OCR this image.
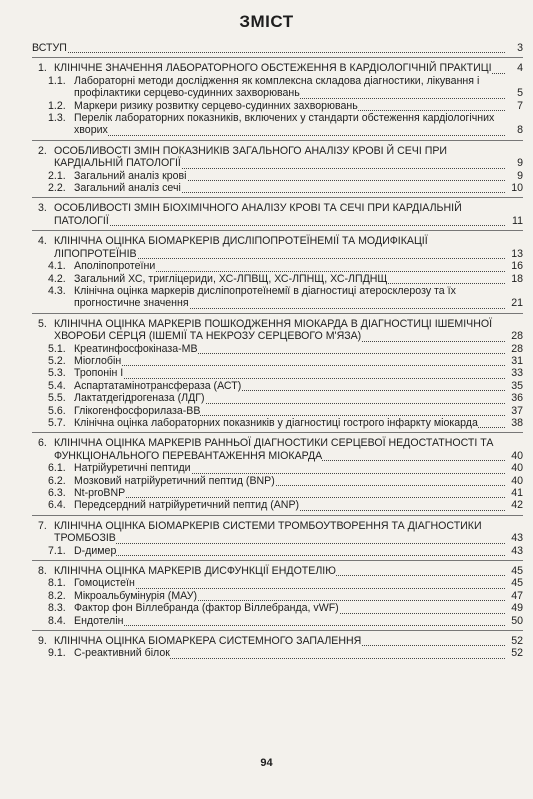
ЗМІСТ
ВСТУП	3
1. КЛІНІЧНЕ ЗНАЧЕННЯ ЛАБОРАТОРНОГО ОБСТЕЖЕННЯ В КАРДІОЛОГІЧНІЙ ПРАКТИЦІ	4
1.1. Лабораторні методи дослідження як комплексна складова діагностики, лікування і профілактики серцево-судинних захворювань	5
1.2. Маркери ризику розвитку серцево-судинних захворювань	7
1.3. Перелік лабораторних показників, включених у стандарти обстеження кардіологічних хворих	8
2. ОСОБЛИВОСТІ ЗМІН ПОКАЗНИКІВ ЗАГАЛЬНОГО АНАЛІЗУ КРОВІ Й СЕЧІ ПРИ КАРДІАЛЬНІЙ ПАТОЛОГІЇ	9
2.1. Загальний аналіз крові	9
2.2. Загальний аналіз сечі	10
3. ОСОБЛИВОСТІ ЗМІН БІОХІМІЧНОГО АНАЛІЗУ КРОВІ ТА СЕЧІ ПРИ КАРДІАЛЬНІЙ ПАТОЛОГІЇ	11
4. КЛІНІЧНА ОЦІНКА БІОМАРКЕРІВ ДИСЛІПОПРОТЕЇНЕМІЇ ТА МОДИФІКАЦІЇ ЛІПОПРОТЕЇНІВ	13
4.1. Аполіпопротеїни	16
4.2. Загальний ХС, тригліцериди, ХС-ЛПВЩ, ХС-ЛПНЩ, ХС-ЛПДНЩ	18
4.3. Клінічна оцінка маркерів дисліпопротеїнемії в діагностиці атеросклерозу та їх прогностичне значення	21
5. КЛІНІЧНА ОЦІНКА МАРКЕРІВ ПОШКОДЖЕННЯ МІОКАРДА В ДІАГНОСТИЦІ ІШЕМІЧНОЇ ХВОРОБИ СЕРЦЯ (ІШЕМІЇ ТА НЕКРОЗУ СЕРЦЕВОГО М'ЯЗА)	28
5.1. Креатинфосфокіназа-МВ	28
5.2. Міоглобін	31
5.3. Тропонін І	33
5.4. Аспартатамінотрансфераза (АСТ)	35
5.5. Лактатдегідрогеназа (ЛДГ)	36
5.6. Глікогенфосфорилаза-ВВ	37
5.7. Клінічна оцінка лабораторних показників у діагностиці гострого інфаркту міокарда	38
6. КЛІНІЧНА ОЦІНКА МАРКЕРІВ РАННЬОЇ ДІАГНОСТИКИ СЕРЦЕВОЇ НЕДОСТАТНОСТІ ТА ФУНКЦІОНАЛЬНОГО ПЕРЕВАНТАЖЕННЯ МІОКАРДА	40
6.1. Натрійуретичні пептиди	40
6.2. Мозковий натрійуретичний пептид (BNP)	40
6.3. Nt-proBNP	41
6.4. Передсердний натрійуретичний пептид (ANP)	42
7. КЛІНІЧНА ОЦІНКА БІОМАРКЕРІВ СИСТЕМИ ТРОМБОУТВОРЕННЯ ТА ДІАГНОСТИКИ ТРОМБОЗІВ	43
7.1. D-димер	43
8. КЛІНІЧНА ОЦІНКА МАРКЕРІВ ДИСФУНКЦІЇ ЕНДОТЕЛІЮ	45
8.1. Гомоцистеїн	45
8.2. Мікроальбумінурія (МАУ)	47
8.3. Фактор фон Віллебранда (фактор Віллебранда, vWF)	49
8.4. Ендотелін	50
9. КЛІНІЧНА ОЦІНКА БІОМАРКЕРА СИСТЕМНОГО ЗАПАЛЕННЯ	52
9.1. С-реактивний білок	52
94
